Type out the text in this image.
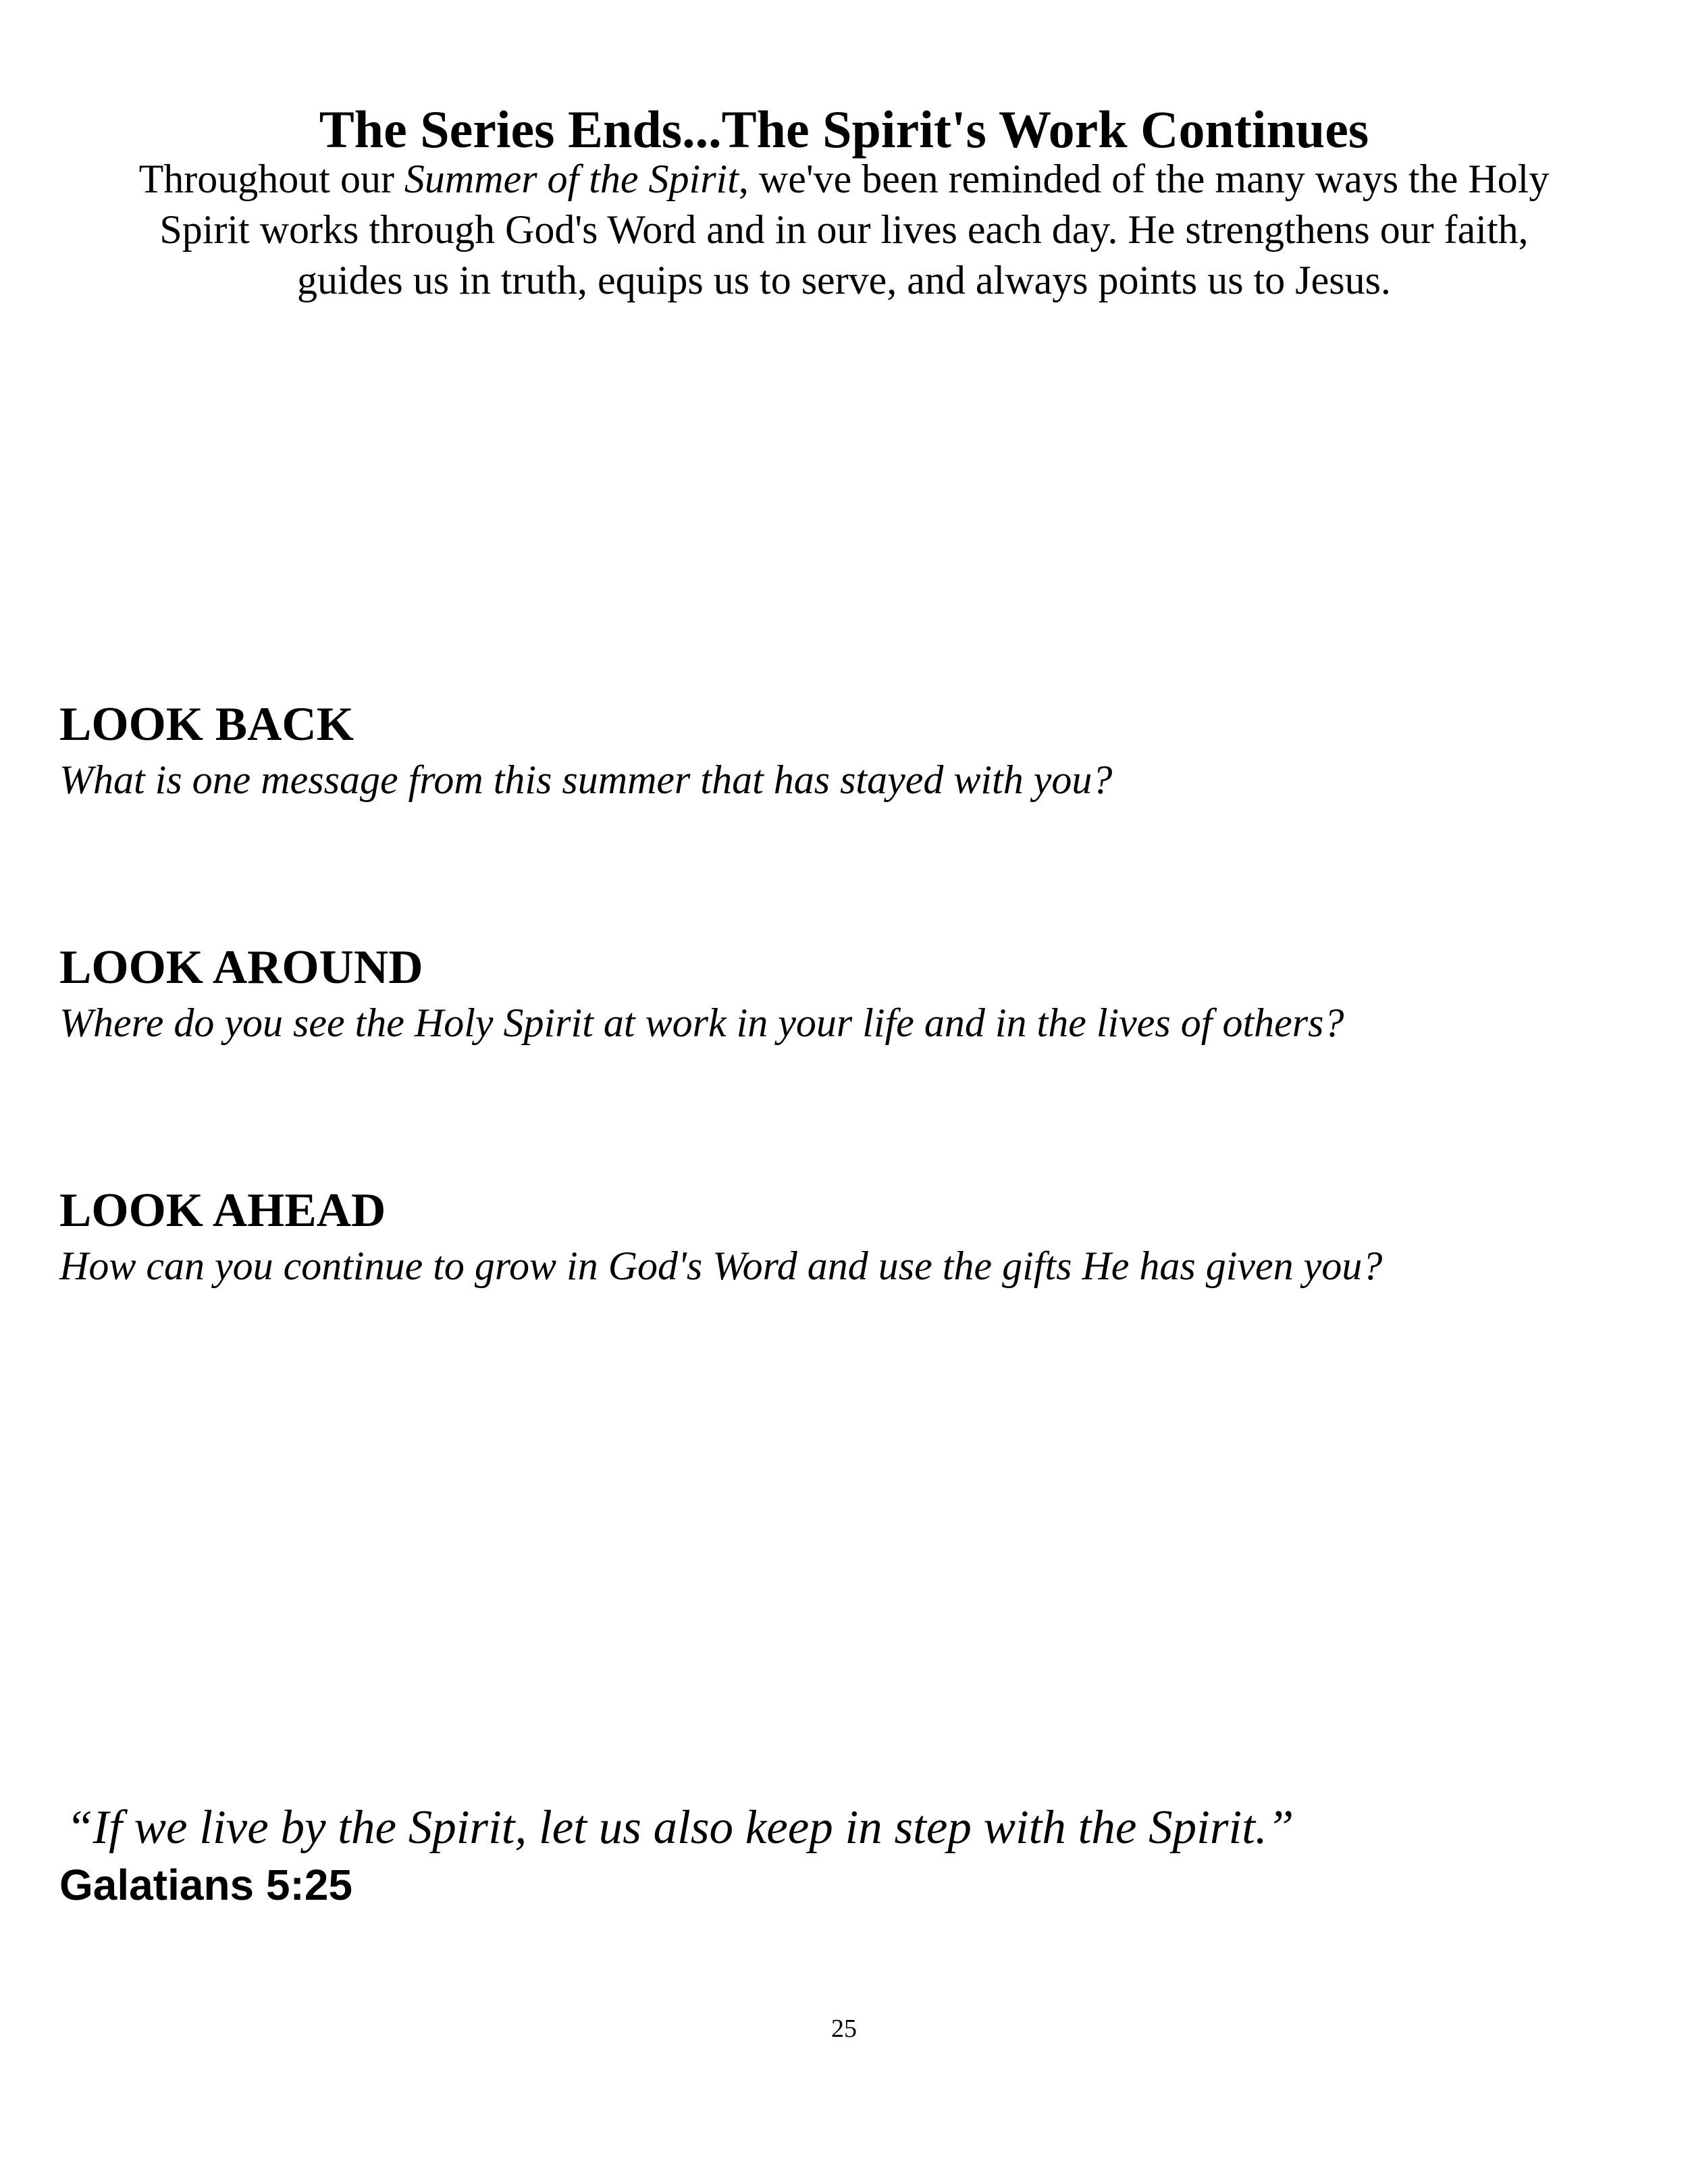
The Series Ends...The Spirit's Work Continues
Throughout our Summer of the Spirit, we've been reminded of the many ways the Holy
Spirit works through God's Word and in our lives each day. He strengthens our faith,
guides us in truth, equips us to serve, and always points us to Jesus.
LOOK BACK
What is one message from this summer that has stayed with you?
LOOK AROUND
Where do you see the Holy Spirit at work in your life and in the lives of others?
LOOK AHEAD
How can you continue to grow in God's Word and use the gifts He has given you?
“If we live by the Spirit, let us also keep in step with the Spirit.”
Galatians 5:25
25
